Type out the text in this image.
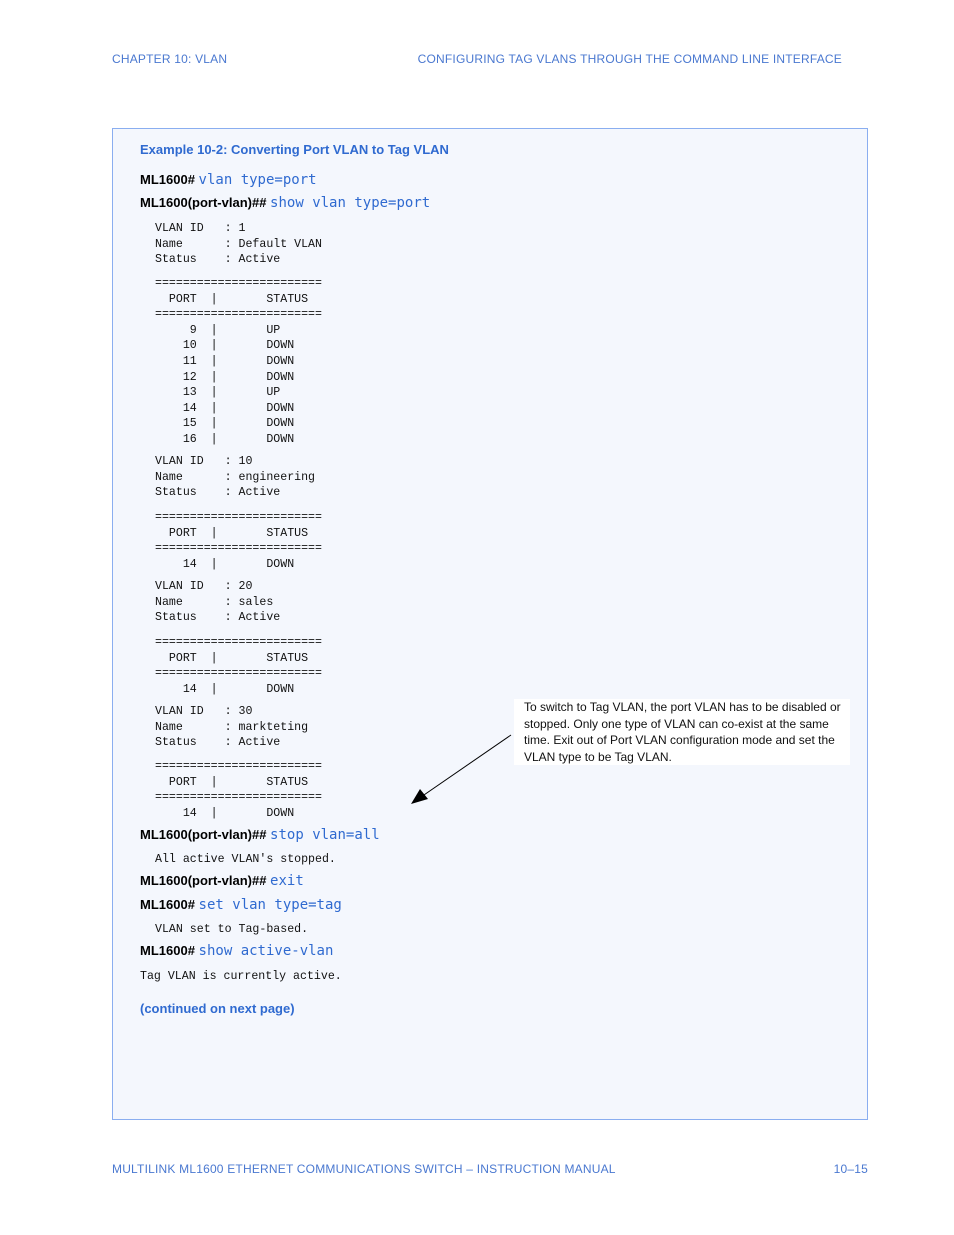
CHAPTER 10: VLAN	CONFIGURING TAG VLANS THROUGH THE COMMAND LINE INTERFACE
Example 10-2: Converting Port VLAN to Tag VLAN
ML1600# vlan type=port
ML1600(port-vlan)## show vlan type=port
VLAN ID   : 1
Name      : Default VLAN
Status    : Active
========================
PORT  |       STATUS
========================
9  |       UP
10  |       DOWN
11  |       DOWN
12  |       DOWN
13  |       UP
14  |       DOWN
15  |       DOWN
16  |       DOWN
VLAN ID   : 10
Name      : engineering
Status    : Active
========================
PORT  |       STATUS
========================
14  |       DOWN
VLAN ID   : 20
Name      : sales
Status    : Active
========================
PORT  |       STATUS
========================
14  |       DOWN
VLAN ID   : 30
Name      : markteting
Status    : Active
========================
PORT  |       STATUS
========================
14  |       DOWN
ML1600(port-vlan)## stop vlan=all
All active VLAN's stopped.
ML1600(port-vlan)## exit
ML1600# set vlan type=tag
VLAN set to Tag-based.
ML1600# show active-vlan
Tag VLAN is currently active.
(continued on next page)
To switch to Tag VLAN, the port VLAN has to be disabled or stopped. Only one type of VLAN can co-exist at the same time. Exit out of Port VLAN configuration mode and set the VLAN type to be Tag VLAN.
MULTILINK ML1600 ETHERNET COMMUNICATIONS SWITCH – INSTRUCTION MANUAL	10–15
